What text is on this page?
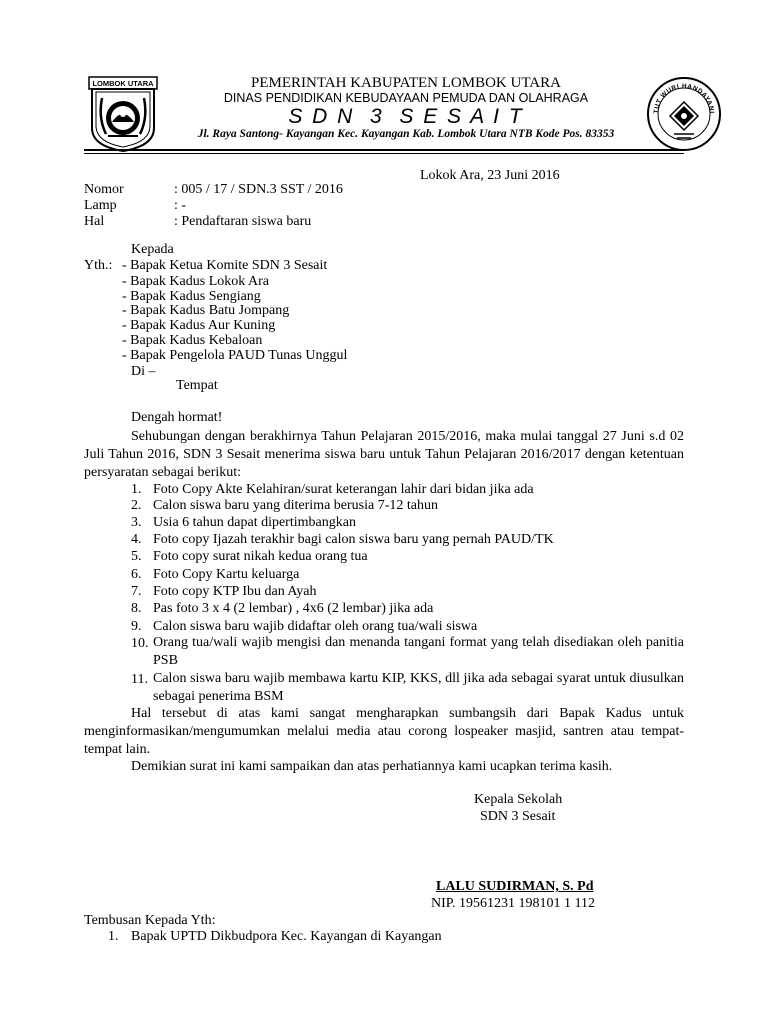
LOMBOK UTARA
TUT WURI HANDAYANI
PEMERINTAH KABUPATEN LOMBOK UTARA
DINAS PENDIDIKAN KEBUDAYAAN PEMUDA DAN OLAHRAGA
S D N  3  S E S A I T
Jl. Raya Santong- Kayangan Kec. Kayangan Kab. Lombok Utara NTB Kode Pos. 83353
Lokok Ara, 23 Juni 2016
Nomor	: 005 / 17 / SDN.3 SST / 2016
Lamp	: -
Hal	: Pendaftaran siswa baru
Kepada
Yth.: - Bapak Ketua Komite SDN 3 Sesait
- Bapak Kadus Lokok Ara
- Bapak Kadus Sengiang
- Bapak Kadus Batu Jompang
- Bapak Kadus Aur Kuning
- Bapak Kadus Kebaloan
- Bapak Pengelola PAUD Tunas Unggul
Di –
Tempat
Dengah hormat!
Sehubungan dengan berakhirnya Tahun Pelajaran 2015/2016, maka mulai tanggal 27 Juni s.d 02 Juli Tahun 2016, SDN 3 Sesait menerima siswa baru untuk Tahun Pelajaran 2016/2017 dengan ketentuan persyaratan sebagai berikut:
1. Foto Copy Akte Kelahiran/surat keterangan lahir dari bidan jika ada
2. Calon siswa baru yang diterima berusia 7-12 tahun
3. Usia 6 tahun dapat dipertimbangkan
4. Foto copy Ijazah terakhir bagi calon siswa baru yang pernah PAUD/TK
5. Foto copy surat nikah kedua orang tua
6. Foto Copy Kartu keluarga
7. Foto copy KTP Ibu dan Ayah
8. Pas foto 3 x 4 (2 lembar) , 4x6 (2 lembar) jika ada
9. Calon siswa baru wajib didaftar oleh orang tua/wali siswa
10. Orang tua/wali wajib mengisi dan menanda tangani format yang telah disediakan oleh panitia PSB
11. Calon siswa baru wajib membawa kartu KIP, KKS, dll jika ada sebagai syarat untuk diusulkan sebagai penerima BSM
Hal tersebut di atas kami sangat mengharapkan sumbangsih dari Bapak Kadus untuk menginformasikan/mengumumkan melalui media atau corong lospeaker masjid, santren atau tempat-tempat lain.
Demikian surat ini kami sampaikan dan atas perhatiannya kami ucapkan terima kasih.
Kepala Sekolah
SDN 3 Sesait
LALU SUDIRMAN, S. Pd
NIP. 19561231 198101 1 112
Tembusan Kepada Yth:
1. Bapak UPTD Dikbudpora Kec. Kayangan di Kayangan
